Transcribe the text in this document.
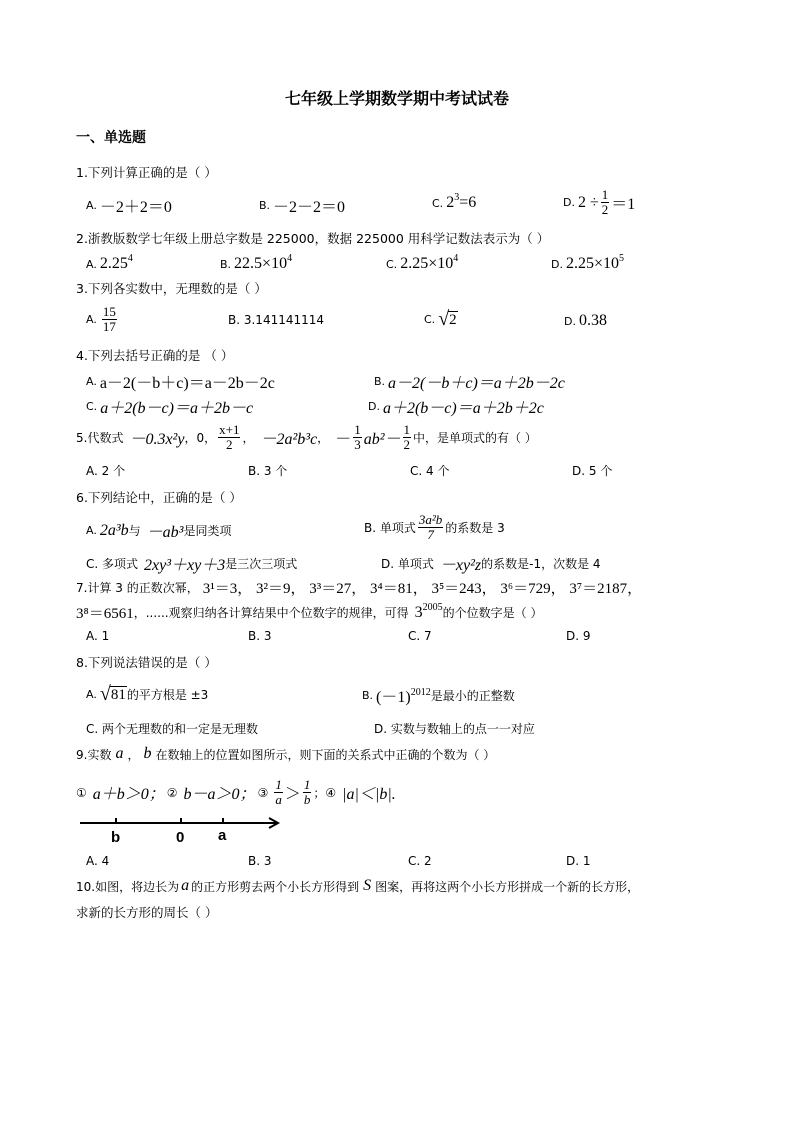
七年级上学期数学期中考试试卷
一、单选题
1.下列计算正确的是（ ）
A. －2＋2＝0	B. －2－2＝0	C. $2^3=6$	D. $2 \div \frac{1}{2} =1$
2.浙教版数学七年级上册总字数是 225000，数据 225000 用科学记数法表示为（ ）
A. 2.25$^4$	B. $22.5\times 10^4$	C. $2.25\times 10^4$	D. $2.25\times 10^5$
3.下列各实数中，无理数的是（ ）
A. $\frac{15}{17}$	B. 3.141141114	C. √ 2	D. 0.38
4.下列去括号正确的是 （ ）
A. a－2(－b＋c)＝a－2b－2c	B. a－2(－b＋c)＝a＋2b－2c
C. a＋2(b－c)＝a＋2b－c	D. a＋2(b－c)＝a＋2b＋2c
5.代数式 －0.3x²y ，0， $\frac{x+1}{2}$ ， －2a²b³c ， － $\frac{1}{3} ab^2- \frac{1}{2}$ 中，是单项式的有（ ）
A. 2 个	B. 3 个	C. 4 个	D. 5 个
6.下列结论中，正确的是（ ）
A. 2a³b 与 －ab³ 是同类项	B. 单项式 $\frac{\text{3a²b}}{7}$ 的系数是 3
C. 多项式 2xy³＋xy＋3 是三次三项式	D. 单项式 －xy²z 的系数是-1，次数是 4
7.计算 3 的正数次幂， 3¹＝3， 3²＝9， 3³＝27， 3⁴＝81， 3⁵＝243， 3⁶＝729， 3⁷＝2187，
3⁸＝6561 ，......观察归纳各计算结果中个位数字的规律，可得 $3^{2005}$ 的个位数字是（ ）
A. 1	B. 3	C. 7	D. 9
8.下列说法错误的是（ ）
A. √ 81 的平方根是 ±3	B. $(-1)^{2012}$ 是最小的正整数
C. 两个无理数的和一定是无理数	D. 实数与数轴上的点一一对应
9.实数 a ， b 在数轴上的位置如图所示，则下面的关系式中正确的个数为（ ）
① a＋b＞0； ② b－a＞0； ③ $\frac{1}{a} > \frac{1}{b}$ ； ④ |a|＜|b|.
b	0 a
A. 4	B. 3	C. 2	D. 1
10.如图，将边长为 a 的正方形剪去两个小长方形得到 S 图案，再将这两个小长方形拼成一个新的长方形，
求新的长方形的周长（ ）
